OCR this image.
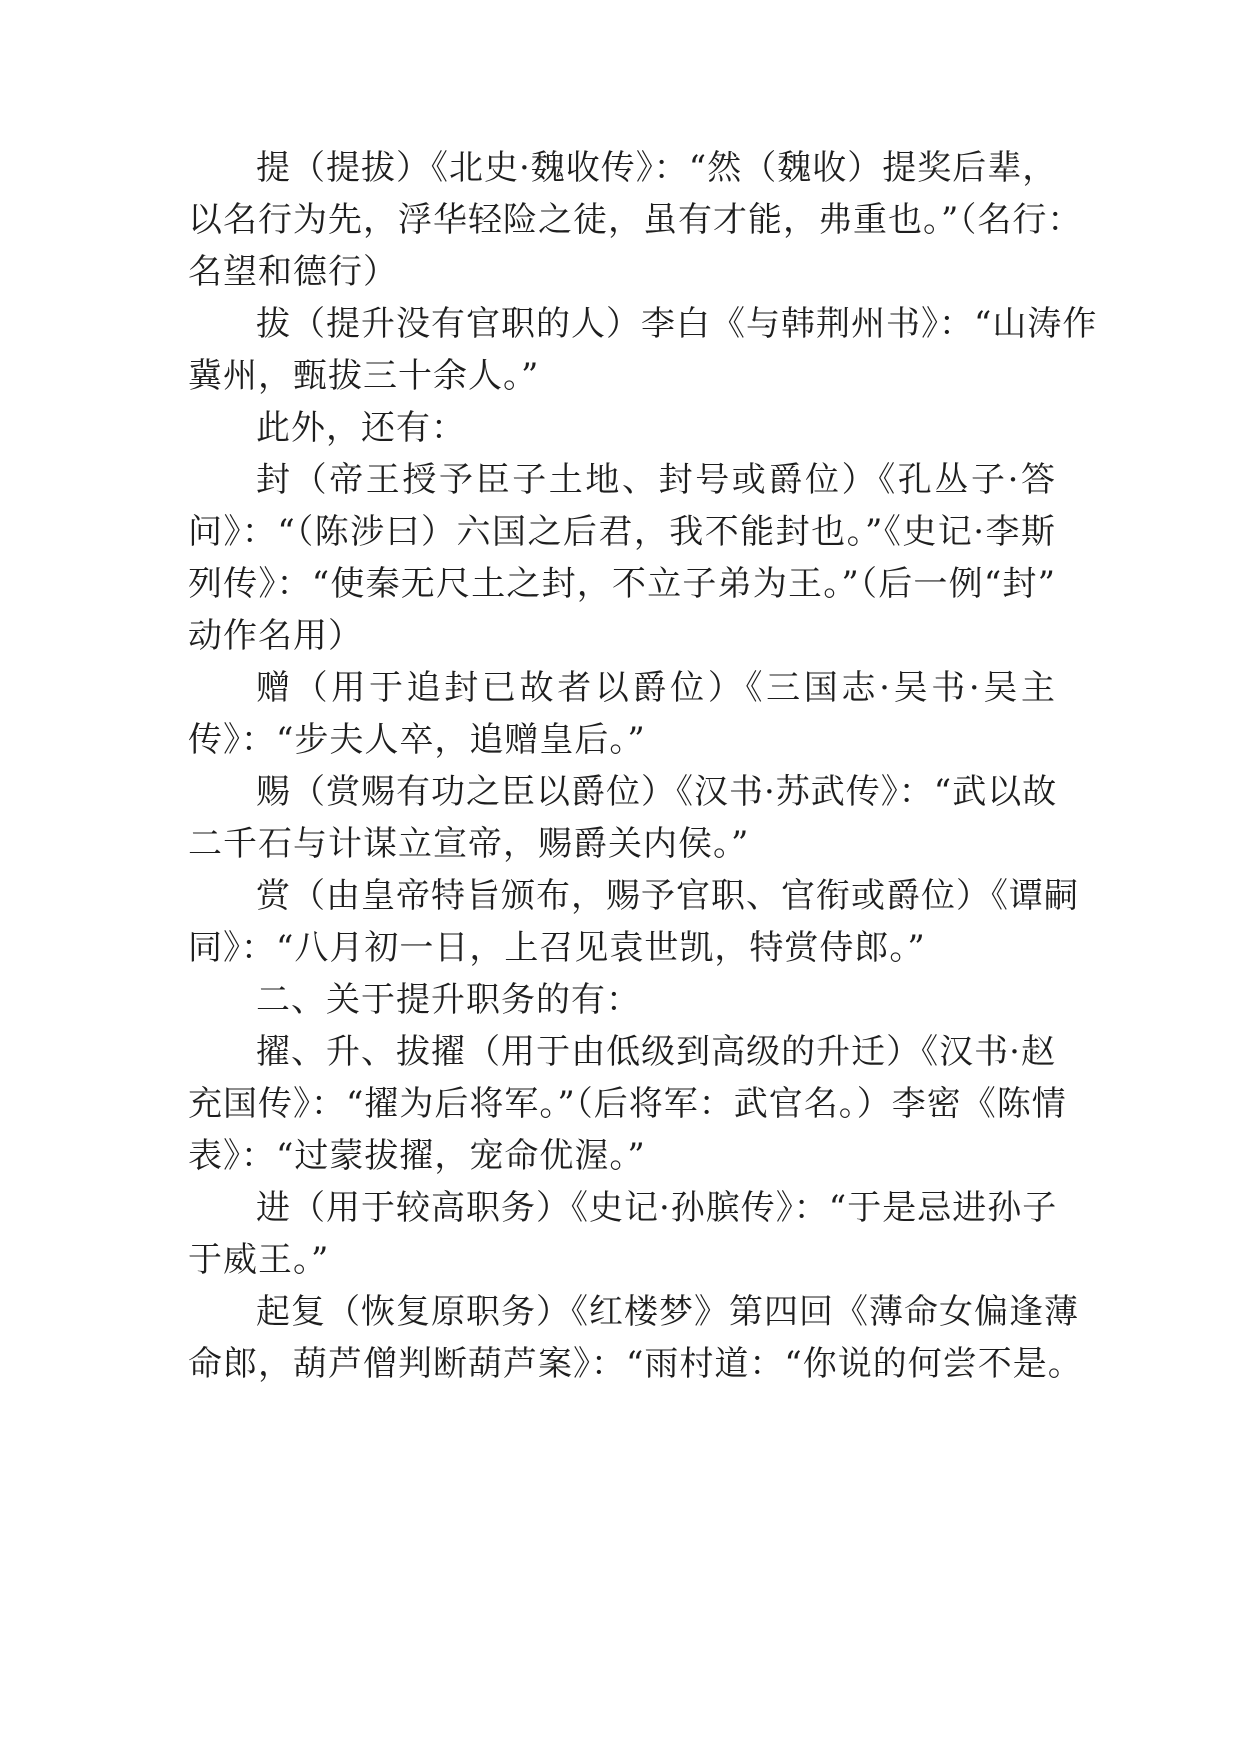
提（提拔）《北史·魏收传》：“然（魏收）提奖后辈，
以名行为先，浮华轻险之徒，虽有才能，弗重也。”（名行：
名望和德行）
拔（提升没有官职的人）李白《与韩荆州书》：“山涛作
冀州，甄拔三十余人。”
此外，还有：
封（帝王授予臣子土地、封号或爵位）《孔丛子·答
问》：“（陈涉曰）六国之后君，我不能封也。”《史记·李斯
列传》：“使秦无尺土之封，不立子弟为王。”（后一例“封”
动作名用）
赠（用于追封已故者以爵位）《三国志·吴书·吴主
传》：“步夫人卒，追赠皇后。”
赐（赏赐有功之臣以爵位）《汉书·苏武传》：“武以故
二千石与计谋立宣帝，赐爵关内侯。”
赏（由皇帝特旨颁布，赐予官职、官衔或爵位）《谭嗣
同》：“八月初一日，上召见袁世凯，特赏侍郎。”
二、关于提升职务的有：
擢、升、拔擢（用于由低级到高级的升迁）《汉书·赵
充国传》：“擢为后将军。”（后将军：武官名。）李密《陈情
表》：“过蒙拔擢，宠命优渥。”
进（用于较高职务）《史记·孙膑传》：“于是忌进孙子
于威王。”
起复（恢复原职务）《红楼梦》第四回《薄命女偏逢薄
命郎，葫芦僧判断葫芦案》：“雨村道：“你说的何尝不是。
